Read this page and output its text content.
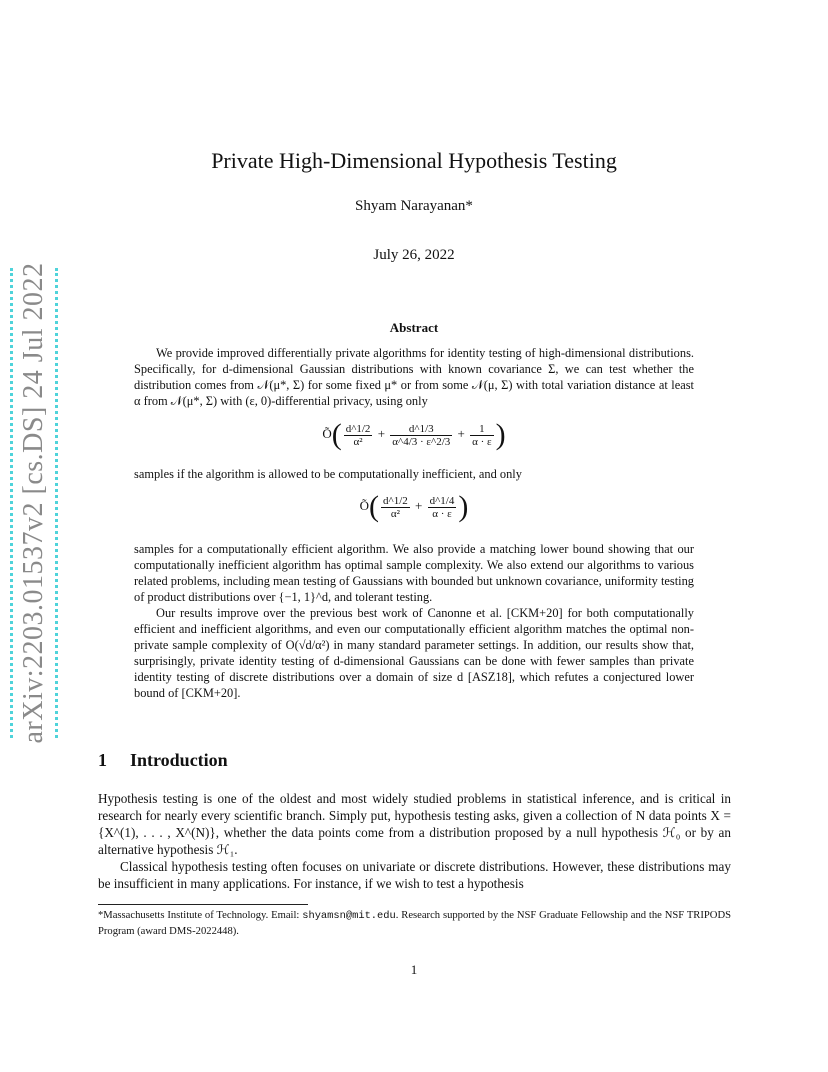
arXiv:2203.01537v2 [cs.DS] 24 Jul 2022
Private High-Dimensional Hypothesis Testing
Shyam Narayanan*
July 26, 2022
Abstract

We provide improved differentially private algorithms for identity testing of high-dimensional distributions. Specifically, for d-dimensional Gaussian distributions with known covariance Σ, we can test whether the distribution comes from 𝒩(μ*, Σ) for some fixed μ* or from some 𝒩(μ, Σ) with total variation distance at least α from 𝒩(μ*, Σ) with (ε, 0)-differential privacy, using only

Õ( $\frac{d\^{}1/2}{\text{α²}} + \frac{d\^{}1/3}{\alpha\^{}4/3 \cdot \varepsilon\^{}2/3} + \frac{1}{\alpha \cdot \varepsilon}$ )

samples if the algorithm is allowed to be computationally inefficient, and only

Õ( $\frac{d\^{}1/2}{\text{α²}} + \frac{d\^{}1/4}{\alpha \cdot \varepsilon}$ )

samples for a computationally efficient algorithm. We also provide a matching lower bound showing that our computationally inefficient algorithm has optimal sample complexity. We also extend our algorithms to various related problems, including mean testing of Gaussians with bounded but unknown covariance, uniformity testing of product distributions over {−1, 1}^d, and tolerant testing.

Our results improve over the previous best work of Canonne et al. [CKM+20] for both computationally efficient and inefficient algorithms, and even our computationally efficient algorithm matches the optimal non-private sample complexity of O(√d/α²) in many standard parameter settings. In addition, our results show that, surprisingly, private identity testing of d-dimensional Gaussians can be done with fewer samples than private identity testing of discrete distributions over a domain of size d [ASZ18], which refutes a conjectured lower bound of [CKM+20].

1 Introduction

Hypothesis testing is one of the oldest and most widely studied problems in statistical inference, and is critical in research for nearly every scientific branch. Simply put, hypothesis testing asks, given a collection of N data points X = {X^(1), . . . , X^(N)}, whether the data points come from a distribution proposed by a null hypothesis ℋ₀ or by an alternative hypothesis ℋ₁.

Classical hypothesis testing often focuses on univariate or discrete distributions. However, these distributions may be insufficient in many applications. For instance, if we wish to test a hypothesis

*Massachusetts Institute of Technology. Email: shyamsn@mit.edu. Research supported by the NSF Graduate Fellowship and the NSF TRIPODS Program (award DMS-2022448).
1
